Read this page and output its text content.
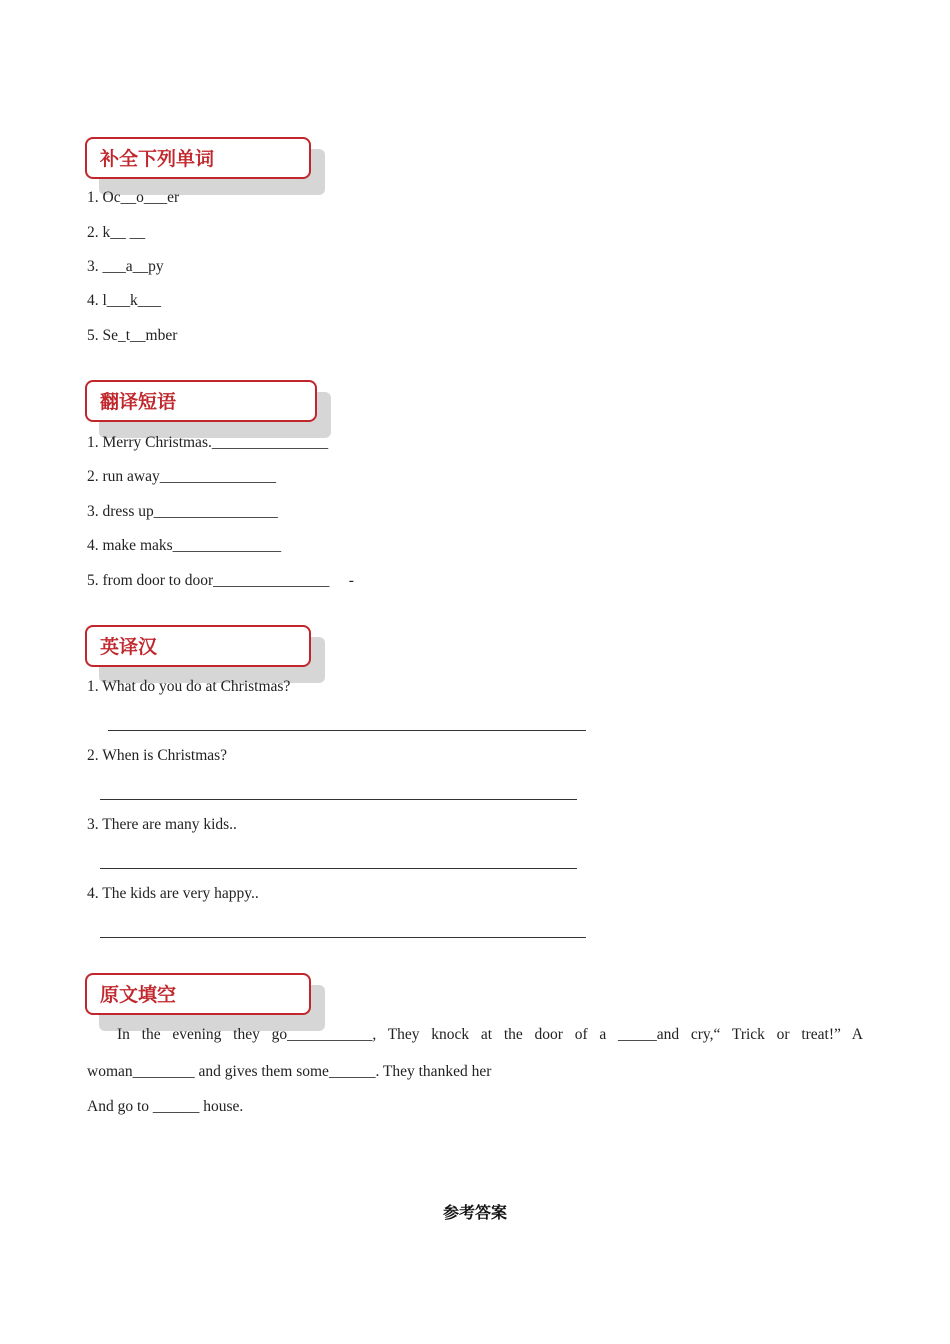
补全下列单词
1. Oc__o___er
2. k__ __
3. ___a__py
4. l___k___
5. Se_t__mber
翻译短语
1. Merry Christmas._______________
2. run away_______________
3. dress up________________
4. make maks______________
5. from door to door_______________     -
英译汉
1. What do you do at Christmas?
2. When is Christmas?
3. There are many kids..
4. The kids are very happy..
原文填空
In the evening they go___________, They knock at the door of a _____and cry,“ Trick or treat!” A
woman________ and gives them some______. They thanked her
And go to ______ house.
参考答案
